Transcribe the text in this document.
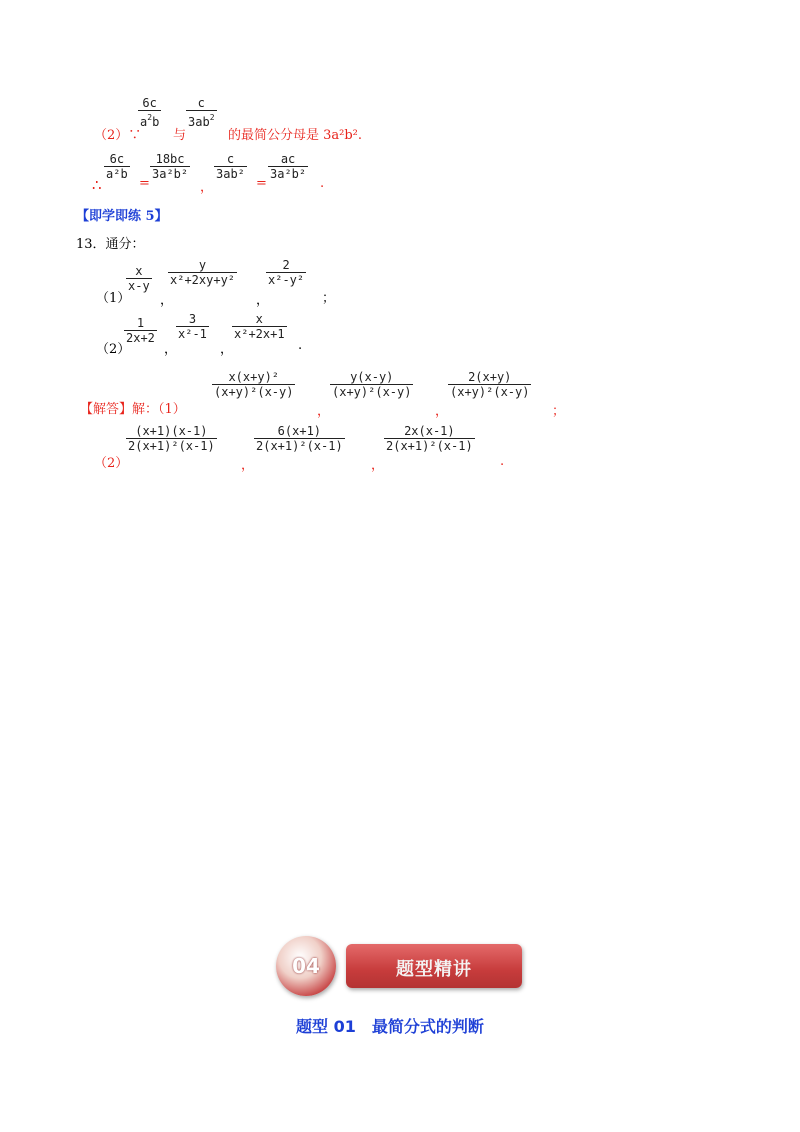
6c
$a^2b$
c
$3ab^2$
（2）∵ 与	的最简公分母是 3a²b².
∴
6c
a²b
=
18bc
3a²b²
，
c
3ab²
=
ac
3a²b²
.
【即学即练 5】
13．通分：
（1）
x
x-y
y
x²+2xy+y²
2
x²-y²
，	，	；
（2）
1
2x+2
3
x²-1
x
x²+2x+1
，	，	.
【解答】解：（1）
x(x+y)²
(x+y)²(x-y)
y(x-y)
(x+y)²(x-y)
2(x+y)
(x+y)²(x-y)
，	，	；
（2）
(x+1)(x-1)
2(x+1)²(x-1)
6(x+1)
2(x+1)²(x-1)
2x(x-1)
2(x+1)²(x-1)
，	，	.
04	题型精讲
题型 01　最简分式的判断
